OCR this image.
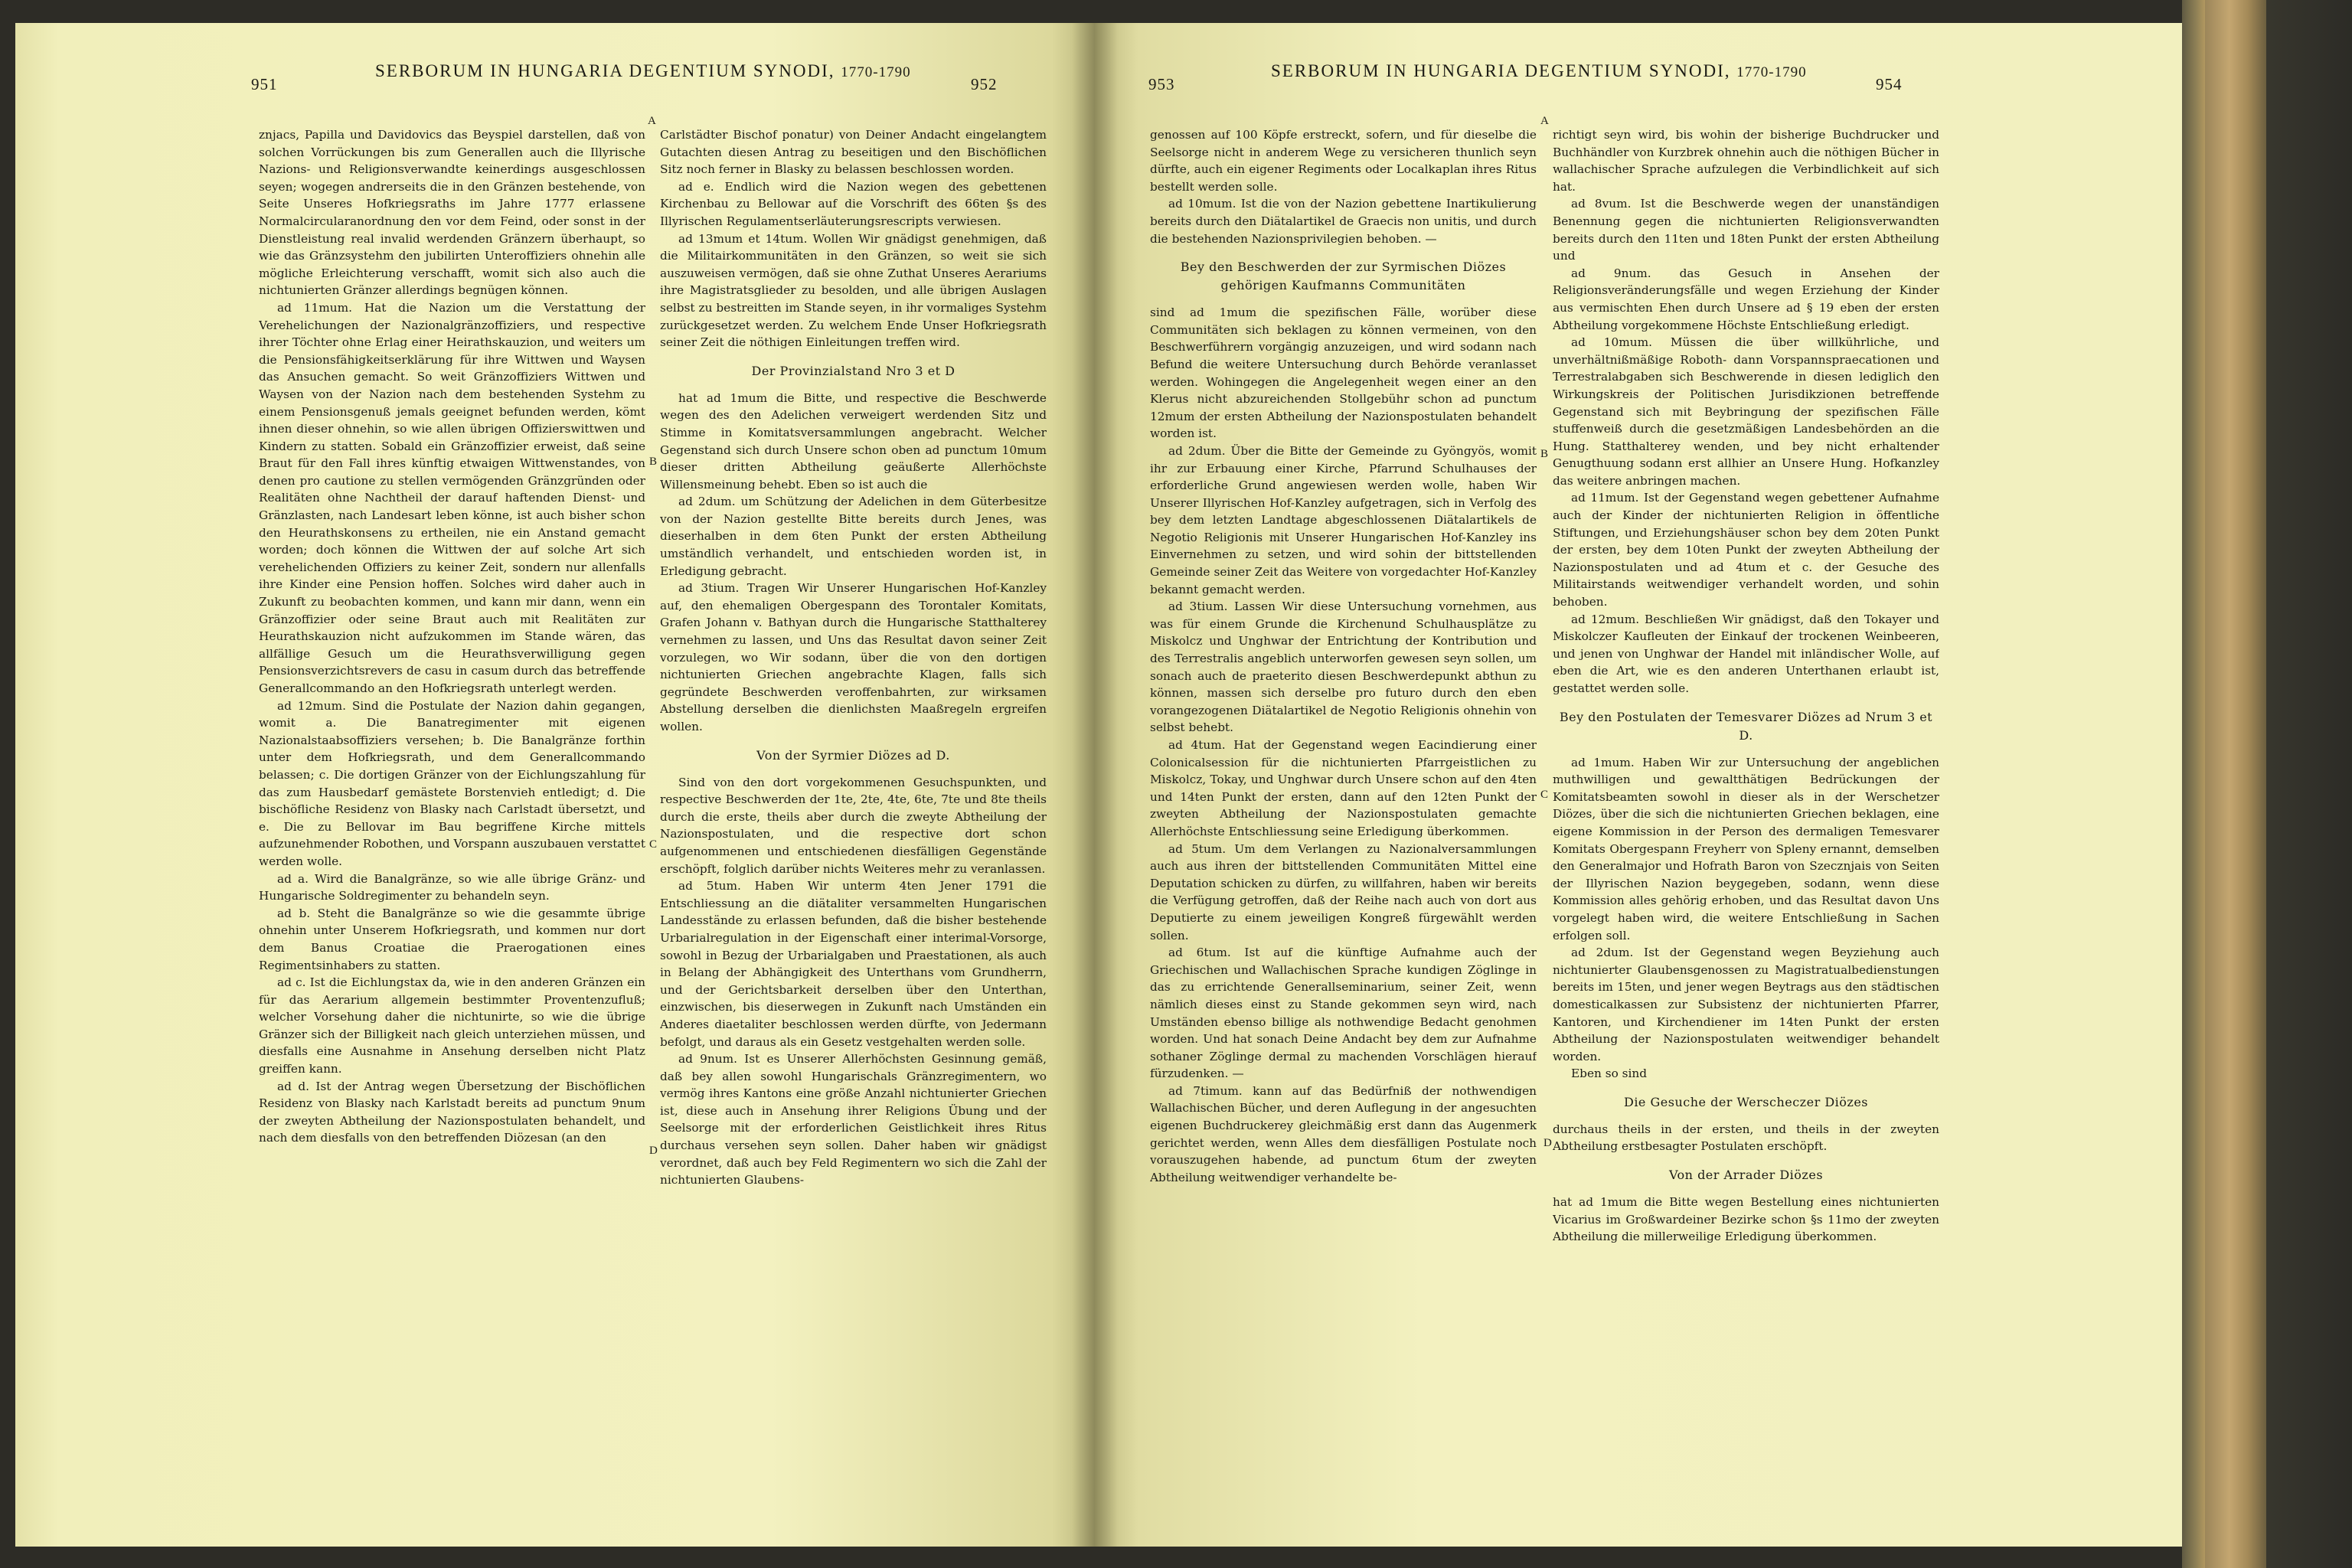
951
SERBORUM IN HUNGARIA DEGENTIUM SYNODI, 1770-1790
952

znjacs, Papilla und Davidovics das Beyspiel darstellen, daß von solchen Vorrückungen bis zum Generallen auch die Illyrische Nazions- und Religionsverwandte keinerdings ausgeschlossen seyen; wogegen andrerseits die in den Gränzen bestehende, von Seite Unseres Hofkriegsraths im Jahre 1777 erlassene Normalcircularanordnung den vor dem Feind, oder sonst in der Dienstleistung real invalid werdenden Gränzern überhaupt, so wie das Gränzsystehm den jubilirten Unteroffiziers ohnehin alle mögliche Erleichterung verschafft, womit sich also auch die nichtunierten Gränzer allerdings begnügen können.

ad 11mum. Hat die Nazion um die Verstattung der Verehelichungen der Nazionalgränzoffiziers, und respective ihrer Töchter ohne Erlag einer Heirathskauzion, und weiters um die Pensionsfähigkeitserklärung für ihre Wittwen und Waysen das Ansuchen gemacht. So weit Gränzoffiziers Wittwen und Waysen von der Nazion nach dem bestehenden Systehm zu einem Pensionsgenuß jemals geeignet befunden werden, kömt ihnen dieser ohnehin, so wie allen übrigen Offizierswittwen und Kindern zu statten. Sobald ein Gränzoffizier erweist, daß seine Braut für den Fall ihres künftig etwaigen Wittwenstandes, von denen pro cautione zu stellen vermögenden Gränzgründen oder Realitäten ohne Nachtheil der darauf haftenden Dienst- und Gränzlasten, nach Landesart leben könne, ist auch bisher schon den Heurathskonsens zu ertheilen, nie ein Anstand gemacht worden; doch können die Wittwen der auf solche Art sich verehelichenden Offiziers zu keiner Zeit, sondern nur allenfalls ihre Kinder eine Pension hoffen. Solches wird daher auch in Zukunft zu beobachten kommen, und kann mir dann, wenn ein Gränzoffizier oder seine Braut auch mit Realitäten zur Heurathskauzion nicht aufzukommen im Stande wären, das allfällige Gesuch um die Heurathsverwilligung gegen Pensionsverzichtsrevers de casu in casum durch das betreffende Generallcommando an den Hofkriegsrath unterlegt werden.

ad 12mum. Sind die Postulate der Nazion dahin gegangen, womit a. Die Banatregimenter mit eigenen Nazionalstaabsoffiziers versehen; b. Die Banalgränze forthin unter dem Hofkriegsrath, und dem Generallcommando belassen; c. Die dortigen Gränzer von der Eichlungszahlung für das zum Hausbedarf gemästete Borstenvieh entledigt; d. Die bischöfliche Residenz von Blasky nach Carlstadt übersetzt, und e. Die zu Bellovar im Bau begriffene Kirche mittels aufzunehmender Robothen, und Vorspann auszubauen verstattet werden wolle.

ad a. Wird die Banalgränze, so wie alle übrige Gränz- und Hungarische Soldregimenter zu behandeln seyn.

ad b. Steht die Banalgränze so wie die gesammte übrige ohnehin unter Unserem Hofkriegsrath, und kommen nur dort dem Banus Croatiae die Praerogationen eines Regimentsinhabers zu statten.

ad c. Ist die Eichlungstax da, wie in den anderen Gränzen ein für das Aerarium allgemein bestimmter Proventenzufluß; welcher Vorsehung daher die nichtunirte, so wie die übrige Gränzer sich der Billigkeit nach gleich unterziehen müssen, und diesfalls eine Ausnahme in Ansehung derselben nicht Platz greiffen kann.

ad d. Ist der Antrag wegen Übersetzung der Bischöflichen Residenz von Blasky nach Karlstadt bereits ad punctum 9num der zweyten Abtheilung der Nazionspostulaten behandelt, und nach dem diesfalls von den betreffenden Diözesan (an den

Carlstädter Bischof ponatur) von Deiner Andacht eingelangtem Gutachten diesen Antrag zu beseitigen und den Bischöflichen Sitz noch ferner in Blasky zu belassen beschlossen worden.

ad e. Endlich wird die Nazion wegen des gebettenen Kirchenbau zu Bellowar auf die Vorschrift des 66ten §s des Illyrischen Regulamentserläuterungsrescripts verwiesen.

ad 13mum et 14tum. Wollen Wir gnädigst genehmigen, daß die Militairkommunitäten in den Gränzen, so weit sie sich auszuweisen vermögen, daß sie ohne Zuthat Unseres Aerariums ihre Magistratsglieder zu besolden, und alle übrigen Auslagen selbst zu bestreitten im Stande seyen, in ihr vormaliges Systehm zurückgesetzet werden. Zu welchem Ende Unser Hofkriegsrath seiner Zeit die nöthigen Einleitungen treffen wird.

Der Provinzialstand Nro 3 et D

hat ad 1mum die Bitte, und respective die Beschwerde wegen des den Adelichen verweigert werdenden Sitz und Stimme in Komitatsversammlungen angebracht. Welcher Gegenstand sich durch Unsere schon oben ad punctum 10mum dieser dritten Abtheilung geäußerte Allerhöchste Willensmeinung behebt. Eben so ist auch die

ad 2dum. um Schützung der Adelichen in dem Güterbesitze von der Nazion gestellte Bitte bereits durch Jenes, was dieserhalben in dem 6ten Punkt der ersten Abtheilung umständlich verhandelt, und entschieden worden ist, in Erledigung gebracht.

ad 3tium. Tragen Wir Unserer Hungarischen Hof-Kanzley auf, den ehemaligen Obergespann des Torontaler Komitats, Grafen Johann v. Bathyan durch die Hungarische Statthalterey vernehmen zu lassen, und Uns das Resultat davon seiner Zeit vorzulegen, wo Wir sodann, über die von den dortigen nichtunierten Griechen angebrachte Klagen, falls sich gegründete Beschwerden veroffenbahrten, zur wirksamen Abstellung derselben die dienlichsten Maaßregeln ergreifen wollen.

Von der Syrmier Diözes ad D.

Sind von den dort vorgekommenen Gesuchspunkten, und respective Beschwerden der 1te, 2te, 4te, 6te, 7te und 8te theils durch die erste, theils aber durch die zweyte Abtheilung der Nazionspostulaten, und die respective dort schon aufgenommenen und entschiedenen diesfälligen Gegenstände erschöpft, folglich darüber nichts Weiteres mehr zu veranlassen.

ad 5tum. Haben Wir unterm 4ten Jener 1791 die Entschliessung an die diätaliter versammelten Hungarischen Landesstände zu erlassen befunden, daß die bisher bestehende Urbarialregulation in der Eigenschaft einer interimal-Vorsorge, sowohl in Bezug der Urbarialgaben und Praestationen, als auch in Belang der Abhängigkeit des Unterthans vom Grundherrn, und der Gerichtsbarkeit derselben über den Unterthan, einzwischen, bis dieserwegen in Zukunft nach Umständen ein Anderes diaetaliter beschlossen werden dürfte, von Jedermann befolgt, und daraus als ein Gesetz vestgehalten werden solle.

ad 9num. Ist es Unserer Allerhöchsten Gesinnung gemäß, daß bey allen sowohl Hungarischals Gränzregimentern, wo vermög ihres Kantons eine größe Anzahl nichtunierter Griechen ist, diese auch in Ansehung ihrer Religions Übung und der Seelsorge mit der erforderlichen Geistlichkeit ihres Ritus durchaus versehen seyn sollen. Daher haben wir gnädigst verordnet, daß auch bey Feld Regimentern wo sich die Zahl der nichtunierten Glaubens-

A
B
C
D
953
SERBORUM IN HUNGARIA DEGENTIUM SYNODI, 1770-1790
954

genossen auf 100 Köpfe erstreckt, sofern, und für dieselbe die Seelsorge nicht in anderem Wege zu versicheren thunlich seyn dürfte, auch ein eigener Regiments oder Localkaplan ihres Ritus bestellt werden solle.

ad 10mum. Ist die von der Nazion gebettene Inartikulierung bereits durch den Diätalartikel de Graecis non unitis, und durch die bestehenden Nazionsprivilegien behoben. —

Bey den Beschwerden der zur Syrmischen Diözes gehörigen Kaufmanns Communitäten

sind ad 1mum die spezifischen Fälle, worüber diese Communitäten sich beklagen zu können vermeinen, von den Beschwerführern vorgängig anzuzeigen, und wird sodann nach Befund die weitere Untersuchung durch Behörde veranlasset werden. Wohingegen die Angelegenheit wegen einer an den Klerus nicht abzureichenden Stollgebühr schon ad punctum 12mum der ersten Abtheilung der Nazionspostulaten behandelt worden ist.

ad 2dum. Über die Bitte der Gemeinde zu Gyöngyös, womit ihr zur Erbauung einer Kirche, Pfarrund Schulhauses der erforderliche Grund angewiesen werden wolle, haben Wir Unserer Illyrischen Hof-Kanzley aufgetragen, sich in Verfolg des bey dem letzten Landtage abgeschlossenen Diätalartikels de Negotio Religionis mit Unserer Hungarischen Hof-Kanzley ins Einvernehmen zu setzen, und wird sohin der bittstellenden Gemeinde seiner Zeit das Weitere von vorgedachter Hof-Kanzley bekannt gemacht werden.

ad 3tium. Lassen Wir diese Untersuchung vornehmen, aus was für einem Grunde die Kirchenund Schulhausplätze zu Miskolcz und Unghwar der Entrichtung der Kontribution und des Terrestralis angeblich unterworfen gewesen seyn sollen, um sonach auch de praeterito diesen Beschwerdepunkt abthun zu können, massen sich derselbe pro futuro durch den eben vorangezogenen Diätalartikel de Negotio Religionis ohnehin von selbst behebt.

ad 4tum. Hat der Gegenstand wegen Eacindierung einer Colonicalsession für die nichtunierten Pfarrgeistlichen zu Miskolcz, Tokay, und Unghwar durch Unsere schon auf den 4ten und 14ten Punkt der ersten, dann auf den 12ten Punkt der zweyten Abtheilung der Nazionspostulaten gemachte Allerhöchste Entschliessung seine Erledigung überkommen.

ad 5tum. Um dem Verlangen zu Nazionalversammlungen auch aus ihren der bittstellenden Communitäten Mittel eine Deputation schicken zu dürfen, zu willfahren, haben wir bereits die Verfügung getroffen, daß der Reihe nach auch von dort aus Deputierte zu einem jeweiligen Kongreß fürgewählt werden sollen.

ad 6tum. Ist auf die künftige Aufnahme auch der Griechischen und Wallachischen Sprache kundigen Zöglinge in das zu errichtende Generallseminarium, seiner Zeit, wenn nämlich dieses einst zu Stande gekommen seyn wird, nach Umständen ebenso billige als nothwendige Bedacht genohmen worden. Und hat sonach Deine Andacht bey dem zur Aufnahme sothaner Zöglinge dermal zu machenden Vorschlägen hierauf fürzudenken. —

ad 7timum. kann auf das Bedürfniß der nothwendigen Wallachischen Bücher, und deren Auflegung in der angesuchten eigenen Buchdruckerey gleichmäßig erst dann das Augenmerk gerichtet werden, wenn Alles dem diesfälligen Postulate noch vorauszugehen habende, ad punctum 6tum der zweyten Abtheilung weitwendiger verhandelte be-

richtigt seyn wird, bis wohin der bisherige Buchdrucker und Buchhändler von Kurzbrek ohnehin auch die nöthigen Bücher in wallachischer Sprache aufzulegen die Verbindlichkeit auf sich hat.

ad 8vum. Ist die Beschwerde wegen der unanständigen Benennung gegen die nichtunierten Religionsverwandten bereits durch den 11ten und 18ten Punkt der ersten Abtheilung und

ad 9num. das Gesuch in Ansehen der Religionsveränderungsfälle und wegen Erziehung der Kinder aus vermischten Ehen durch Unsere ad § 19 eben der ersten Abtheilung vorgekommene Höchste Entschließung erledigt.

ad 10mum. Müssen die über willkührliche, und unverhältnißmäßige Roboth- dann Vorspannspraecationen und Terrestralabgaben sich Beschwerende in diesen lediglich den Wirkungskreis der Politischen Jurisdikzionen betreffende Gegenstand sich mit Beybringung der spezifischen Fälle stuffenweiß durch die gesetzmäßigen Landesbehörden an die Hung. Statthalterey wenden, und bey nicht erhaltender Genugthuung sodann erst allhier an Unsere Hung. Hofkanzley das weitere anbringen machen.

ad 11mum. Ist der Gegenstand wegen gebettener Aufnahme auch der Kinder der nichtunierten Religion in öffentliche Stiftungen, und Erziehungshäuser schon bey dem 20ten Punkt der ersten, bey dem 10ten Punkt der zweyten Abtheilung der Nazionspostulaten und ad 4tum et c. der Gesuche des Militairstands weitwendiger verhandelt worden, und sohin behoben.

ad 12mum. Beschließen Wir gnädigst, daß den Tokayer und Miskolczer Kaufleuten der Einkauf der trockenen Weinbeeren, und jenen von Unghwar der Handel mit inländischer Wolle, auf eben die Art, wie es den anderen Unterthanen erlaubt ist, gestattet werden solle.

Bey den Postulaten der Temesvarer Diözes ad Nrum 3 et D.

ad 1mum. Haben Wir zur Untersuchung der angeblichen muthwilligen und gewaltthätigen Bedrückungen der Komitatsbeamten sowohl in dieser als in der Werschetzer Diözes, über die sich die nichtunierten Griechen beklagen, eine eigene Kommission in der Person des dermaligen Temesvarer Komitats Obergespann Freyherr von Spleny ernannt, demselben den Generalmajor und Hofrath Baron von Szecznjais von Seiten der Illyrischen Nazion beygegeben, sodann, wenn diese Kommission alles gehörig erhoben, und das Resultat davon Uns vorgelegt haben wird, die weitere Entschließung in Sachen erfolgen soll.

ad 2dum. Ist der Gegenstand wegen Beyziehung auch nichtunierter Glaubensgenossen zu Magistratualbedienstungen bereits im 15ten, und jener wegen Beytrags aus den städtischen domesticalkassen zur Subsistenz der nichtunierten Pfarrer, Kantoren, und Kirchendiener im 14ten Punkt der ersten Abtheilung der Nazionspostulaten weitwendiger behandelt worden.

Eben so sind

Die Gesuche der Werscheczer Diözes

durchaus theils in der ersten, und theils in der zweyten Abtheilung erstbesagter Postulaten erschöpft.

Von der Arrader Diözes

hat ad 1mum die Bitte wegen Bestellung eines nichtunierten Vicarius im Großwardeiner Bezirke schon §s 11mo der zweyten Abtheilung die millerweilige Erledigung überkommen.

A
B
C
D
